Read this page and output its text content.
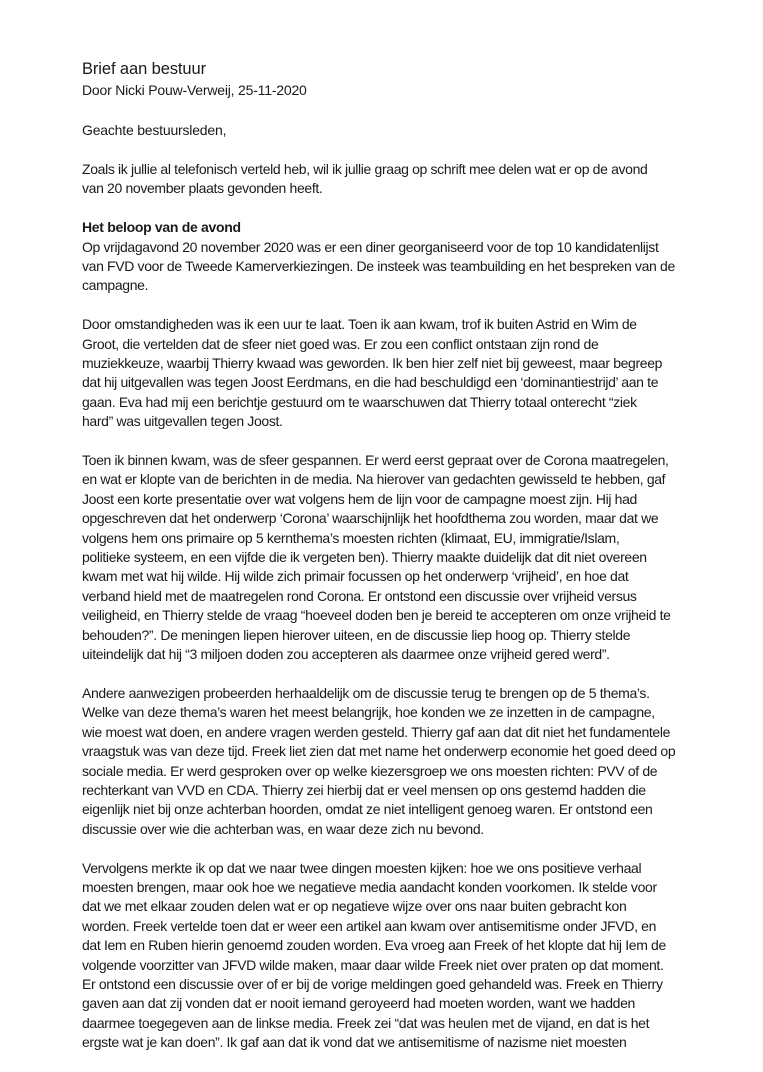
Brief aan bestuur

Door Nicki Pouw-Verweij, 25-11-2020

Geachte bestuursleden,

Zoals ik jullie al telefonisch verteld heb, wil ik jullie graag op schrift mee delen wat er op de avond
van 20 november plaats gevonden heeft.

Het beloop van de avond
Op vrijdagavond 20 november 2020 was er een diner georganiseerd voor de top 10 kandidatenlijst
van FVD voor de Tweede Kamerverkiezingen. De insteek was teambuilding en het bespreken van de
campagne.

Door omstandigheden was ik een uur te laat. Toen ik aan kwam, trof ik buiten Astrid en Wim de
Groot, die vertelden dat de sfeer niet goed was. Er zou een conflict ontstaan zijn rond de
muziekkeuze, waarbij Thierry kwaad was geworden. Ik ben hier zelf niet bij geweest, maar begreep
dat hij uitgevallen was tegen Joost Eerdmans, en die had beschuldigd een ‘dominantiestrijd’ aan te
gaan. Eva had mij een berichtje gestuurd om te waarschuwen dat Thierry totaal onterecht “ziek
hard” was uitgevallen tegen Joost.

Toen ik binnen kwam, was de sfeer gespannen. Er werd eerst gepraat over de Corona maatregelen,
en wat er klopte van de berichten in de media. Na hierover van gedachten gewisseld te hebben, gaf
Joost een korte presentatie over wat volgens hem de lijn voor de campagne moest zijn. Hij had
opgeschreven dat het onderwerp ‘Corona’ waarschijnlijk het hoofdthema zou worden, maar dat we
volgens hem ons primaire op 5 kernthema’s moesten richten (klimaat, EU, immigratie/Islam,
politieke systeem, en een vijfde die ik vergeten ben). Thierry maakte duidelijk dat dit niet overeen
kwam met wat hij wilde. Hij wilde zich primair focussen op het onderwerp ‘vrijheid’, en hoe dat
verband hield met de maatregelen rond Corona. Er ontstond een discussie over vrijheid versus
veiligheid, en Thierry stelde de vraag “hoeveel doden ben je bereid te accepteren om onze vrijheid te
behouden?”. De meningen liepen hierover uiteen, en de discussie liep hoog op. Thierry stelde
uiteindelijk dat hij “3 miljoen doden zou accepteren als daarmee onze vrijheid gered werd”.

Andere aanwezigen probeerden herhaaldelijk om de discussie terug te brengen op de 5 thema’s.
Welke van deze thema’s waren het meest belangrijk, hoe konden we ze inzetten in de campagne,
wie moest wat doen, en andere vragen werden gesteld. Thierry gaf aan dat dit niet het fundamentele
vraagstuk was van deze tijd. Freek liet zien dat met name het onderwerp economie het goed deed op
sociale media. Er werd gesproken over op welke kiezersgroep we ons moesten richten: PVV of de
rechterkant van VVD en CDA. Thierry zei hierbij dat er veel mensen op ons gestemd hadden die
eigenlijk niet bij onze achterban hoorden, omdat ze niet intelligent genoeg waren. Er ontstond een
discussie over wie die achterban was, en waar deze zich nu bevond.

Vervolgens merkte ik op dat we naar twee dingen moesten kijken: hoe we ons positieve verhaal
moesten brengen, maar ook hoe we negatieve media aandacht konden voorkomen. Ik stelde voor
dat we met elkaar zouden delen wat er op negatieve wijze over ons naar buiten gebracht kon
worden. Freek vertelde toen dat er weer een artikel aan kwam over antisemitisme onder JFVD, en
dat Iem en Ruben hierin genoemd zouden worden. Eva vroeg aan Freek of het klopte dat hij Iem de
volgende voorzitter van JFVD wilde maken, maar daar wilde Freek niet over praten op dat moment.
Er ontstond een discussie over of er bij de vorige meldingen goed gehandeld was. Freek en Thierry
gaven aan dat zij vonden dat er nooit iemand geroyeerd had moeten worden, want we hadden
daarmee toegegeven aan de linkse media. Freek zei “dat was heulen met de vijand, en dat is het
ergste wat je kan doen”. Ik gaf aan dat ik vond dat we antisemitisme of nazisme niet moesten
